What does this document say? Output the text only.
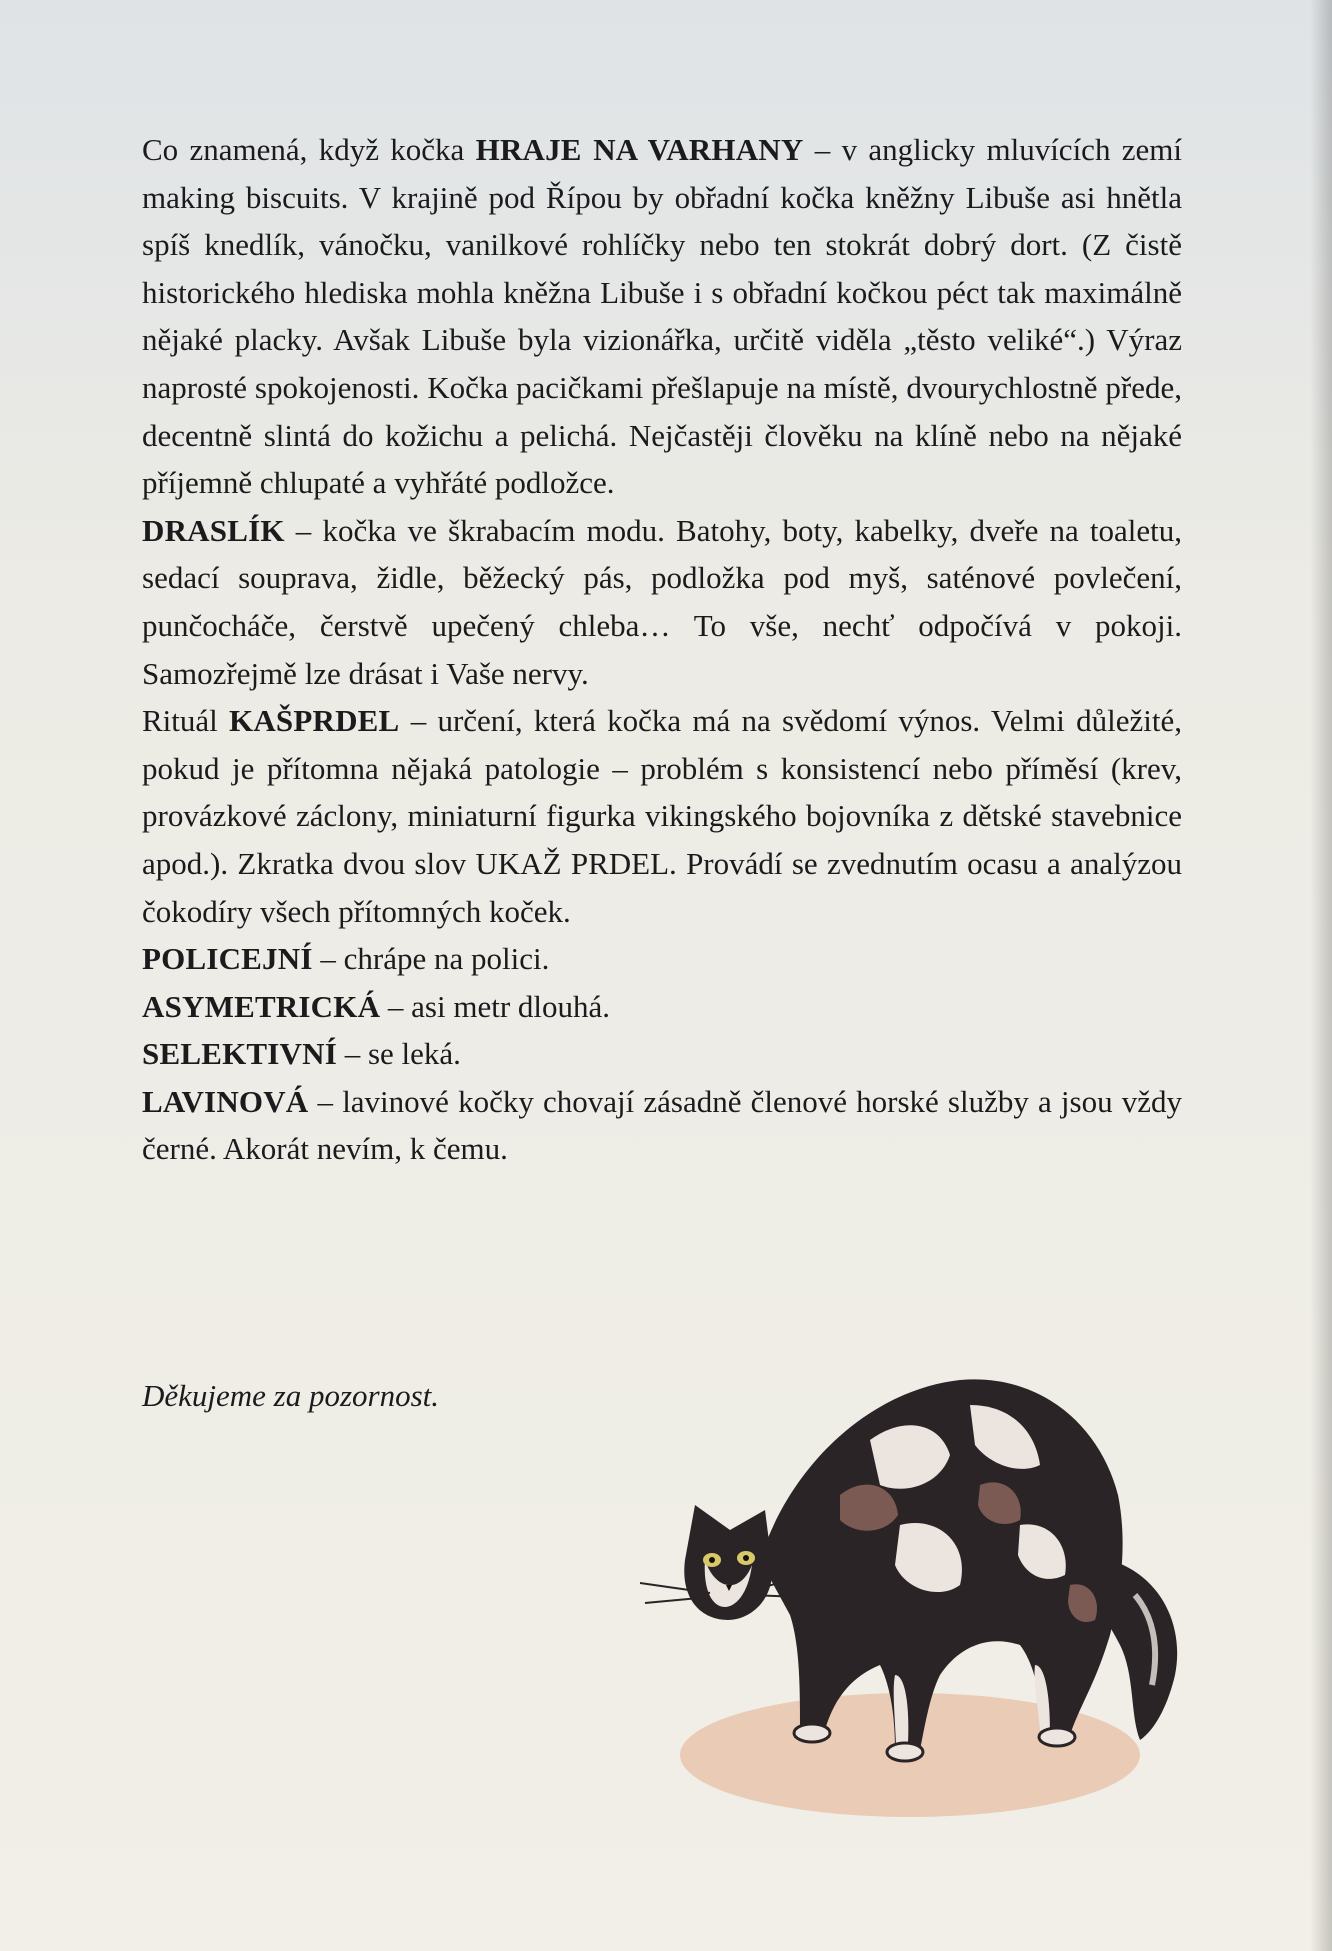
Co znamená, když kočka HRAJE NA VARHANY – v anglicky mluvících zemí making biscuits. V krajině pod Řípou by obřadní kočka kněžny Libuše asi hnětla spíš knedlík, vánočku, vanilkové rohlíčky nebo ten stokrát dobrý dort. (Z čistě historického hlediska mohla kněžna Libuše i s obřadní kočkou péct tak maximálně nějaké placky. Avšak Libuše byla vizionářka, určitě viděla „těsto veliké“.) Výraz naprosté spokojenosti. Kočka pacičkami přešlapuje na místě, dvourychlostně přede, decentně slintá do kožichu a pelichá. Nejčastěji člověku na klíně nebo na nějaké příjemně chlupaté a vyhřáté podložce.

DRASLÍK – kočka ve škrabacím modu. Batohy, boty, kabelky, dveře na toaletu, sedací souprava, židle, běžecký pás, podložka pod myš, saténové povlečení, punčocháče, čerstvě upečený chleba… To vše, nechť odpočívá v pokoji. Samozřejmě lze drásat i Vaše nervy.

Rituál KAŠPRDEL – určení, která kočka má na svědomí výnos. Velmi důležité, pokud je přítomna nějaká patologie – problém s konsistencí nebo příměsí (krev, provázkové záclony, miniaturní figurka vikingského bojovníka z dětské stavebnice apod.). Zkratka dvou slov UKAŽ PRDEL. Provádí se zvednutím ocasu a analýzou čokodíry všech přítomných koček.

POLICEJNÍ – chrápe na polici.

ASYMETRICKÁ – asi metr dlouhá.

SELEKTIVNÍ – se leká.

LAVINOVÁ – lavinové kočky chovají zásadně členové horské služby a jsou vždy černé. Akorát nevím, k čemu.

Děkujeme za pozornost.
